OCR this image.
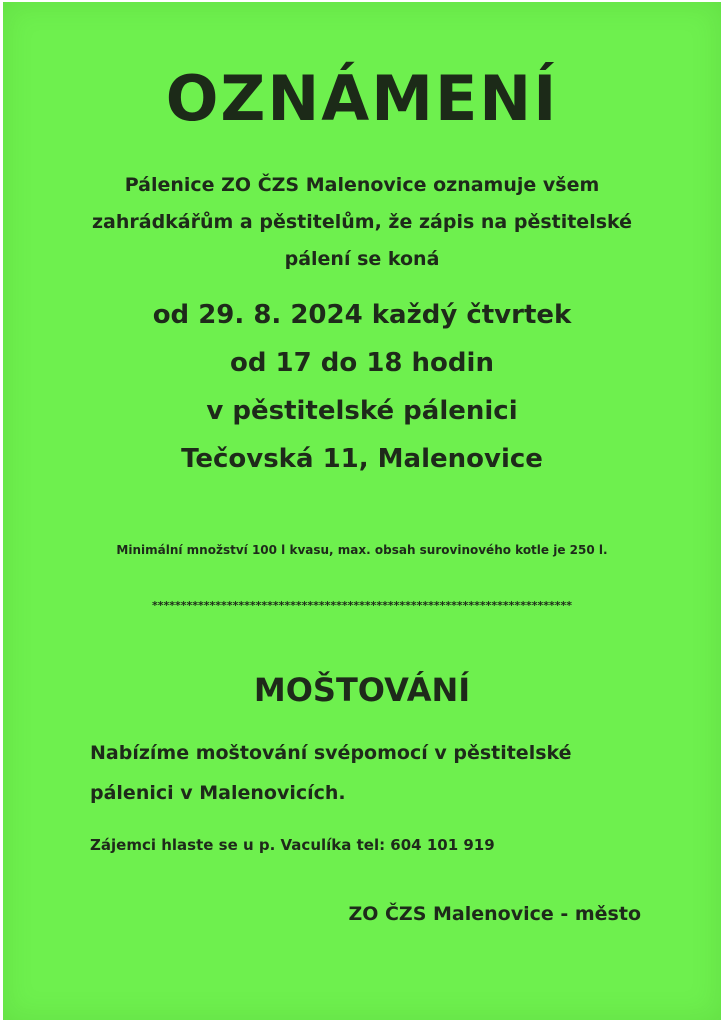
OZNÁMENÍ
Pálenice ZO ČZS Malenovice oznamuje všem
zahrádkářům a pěstitelům, že zápis na pěstitelské
pálení se koná
od 29. 8. 2024 každý čtvrtek
od 17 do 18 hodin
v pěstitelské pálenici
Tečovská 11, Malenovice
Minimální množství 100 l kvasu, max. obsah surovinového kotle je 250 l.
*************************************************************************
MOŠTOVÁNÍ
Nabízíme moštování svépomocí v pěstitelské
pálenici v Malenovicích.
Zájemci hlaste se u p. Vaculíka tel: 604 101 919
ZO ČZS Malenovice - město
